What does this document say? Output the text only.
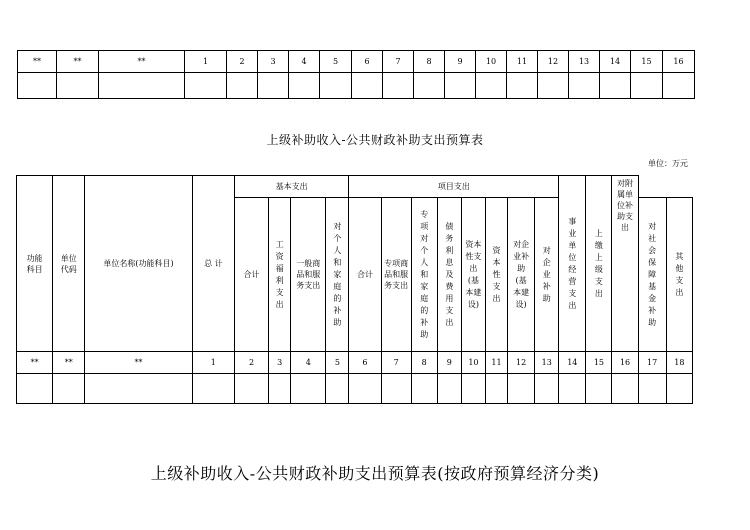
**	**	**	1	2	3	4	5	6	7	8	9	10	11	12	13	14	15	16

上级补助收入-公共财政补助支出预算表
单位：万元
功能科目	单位代码	单位名称(功能科目)	总 计	基本支出				项目支出								事业单位经营支出	上缴上级支出	对附属单位补助支出		
				合计	工资福利支出	一般商品和服务支出	对个人和家庭的补助	合计	专项商品和服务支出	专项对个人和家庭的补助	债务利息及费用支出	资本性支出(基本建设)	资本性支出	对企业补助(基本建设)	对企业补助				对社会保障基金补助	其他支出
**	**	**	1	2	3	4	5	6	7	8	9	10	11	12	13	14	15	16	17	18

上级补助收入-公共财政补助支出预算表(按政府预算经济分类)
